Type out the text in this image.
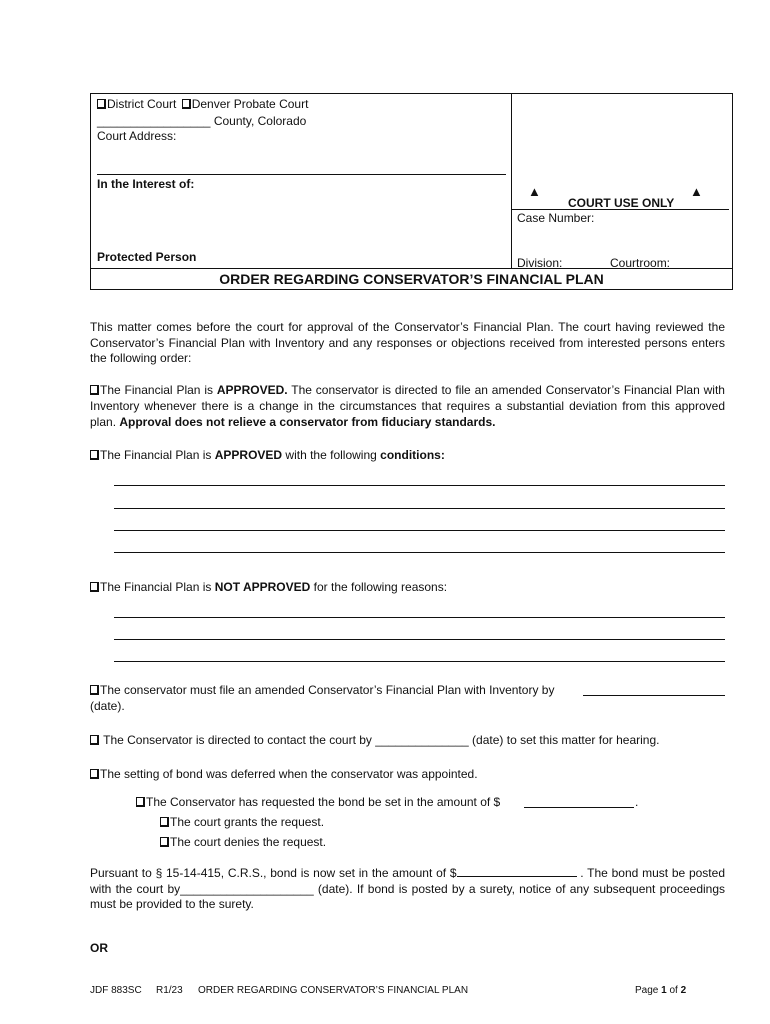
District Court Denver Probate Court
_________________ County, Colorado
Court Address:
In the Interest of:
Protected Person
▲
COURT USE ONLY
▲
Case Number:
Division:	Courtroom:
ORDER REGARDING CONSERVATOR’S FINANCIAL PLAN
This matter comes before the court for approval of the Conservator’s Financial Plan. The court having reviewed the Conservator’s Financial Plan with Inventory and any responses or objections received from interested persons enters the following order:
The Financial Plan is APPROVED. The conservator is directed to file an amended Conservator’s Financial Plan with Inventory whenever there is a change in the circumstances that requires a substantial deviation from this approved plan. Approval does not relieve a conservator from fiduciary standards.
The Financial Plan is APPROVED with the following conditions:
The Financial Plan is NOT APPROVED for the following reasons:
The conservator must file an amended Conservator’s Financial Plan with Inventory by
(date).
The Conservator is directed to contact the court by ______________ (date) to set this matter for hearing.
The setting of bond was deferred when the conservator was appointed.
The Conservator has requested the bond be set in the amount of $	.
The court grants the request.
The court denies the request.
Pursuant to § 15-14-415, C.R.S., bond is now set in the amount of $	. The bond must be posted with the court by____________________ (date). If bond is posted by a surety, notice of any subsequent proceedings must be provided to the surety.
OR
JDF 883SC R1/23 ORDER REGARDING CONSERVATOR’S FINANCIAL PLAN	Page 1 of 2
